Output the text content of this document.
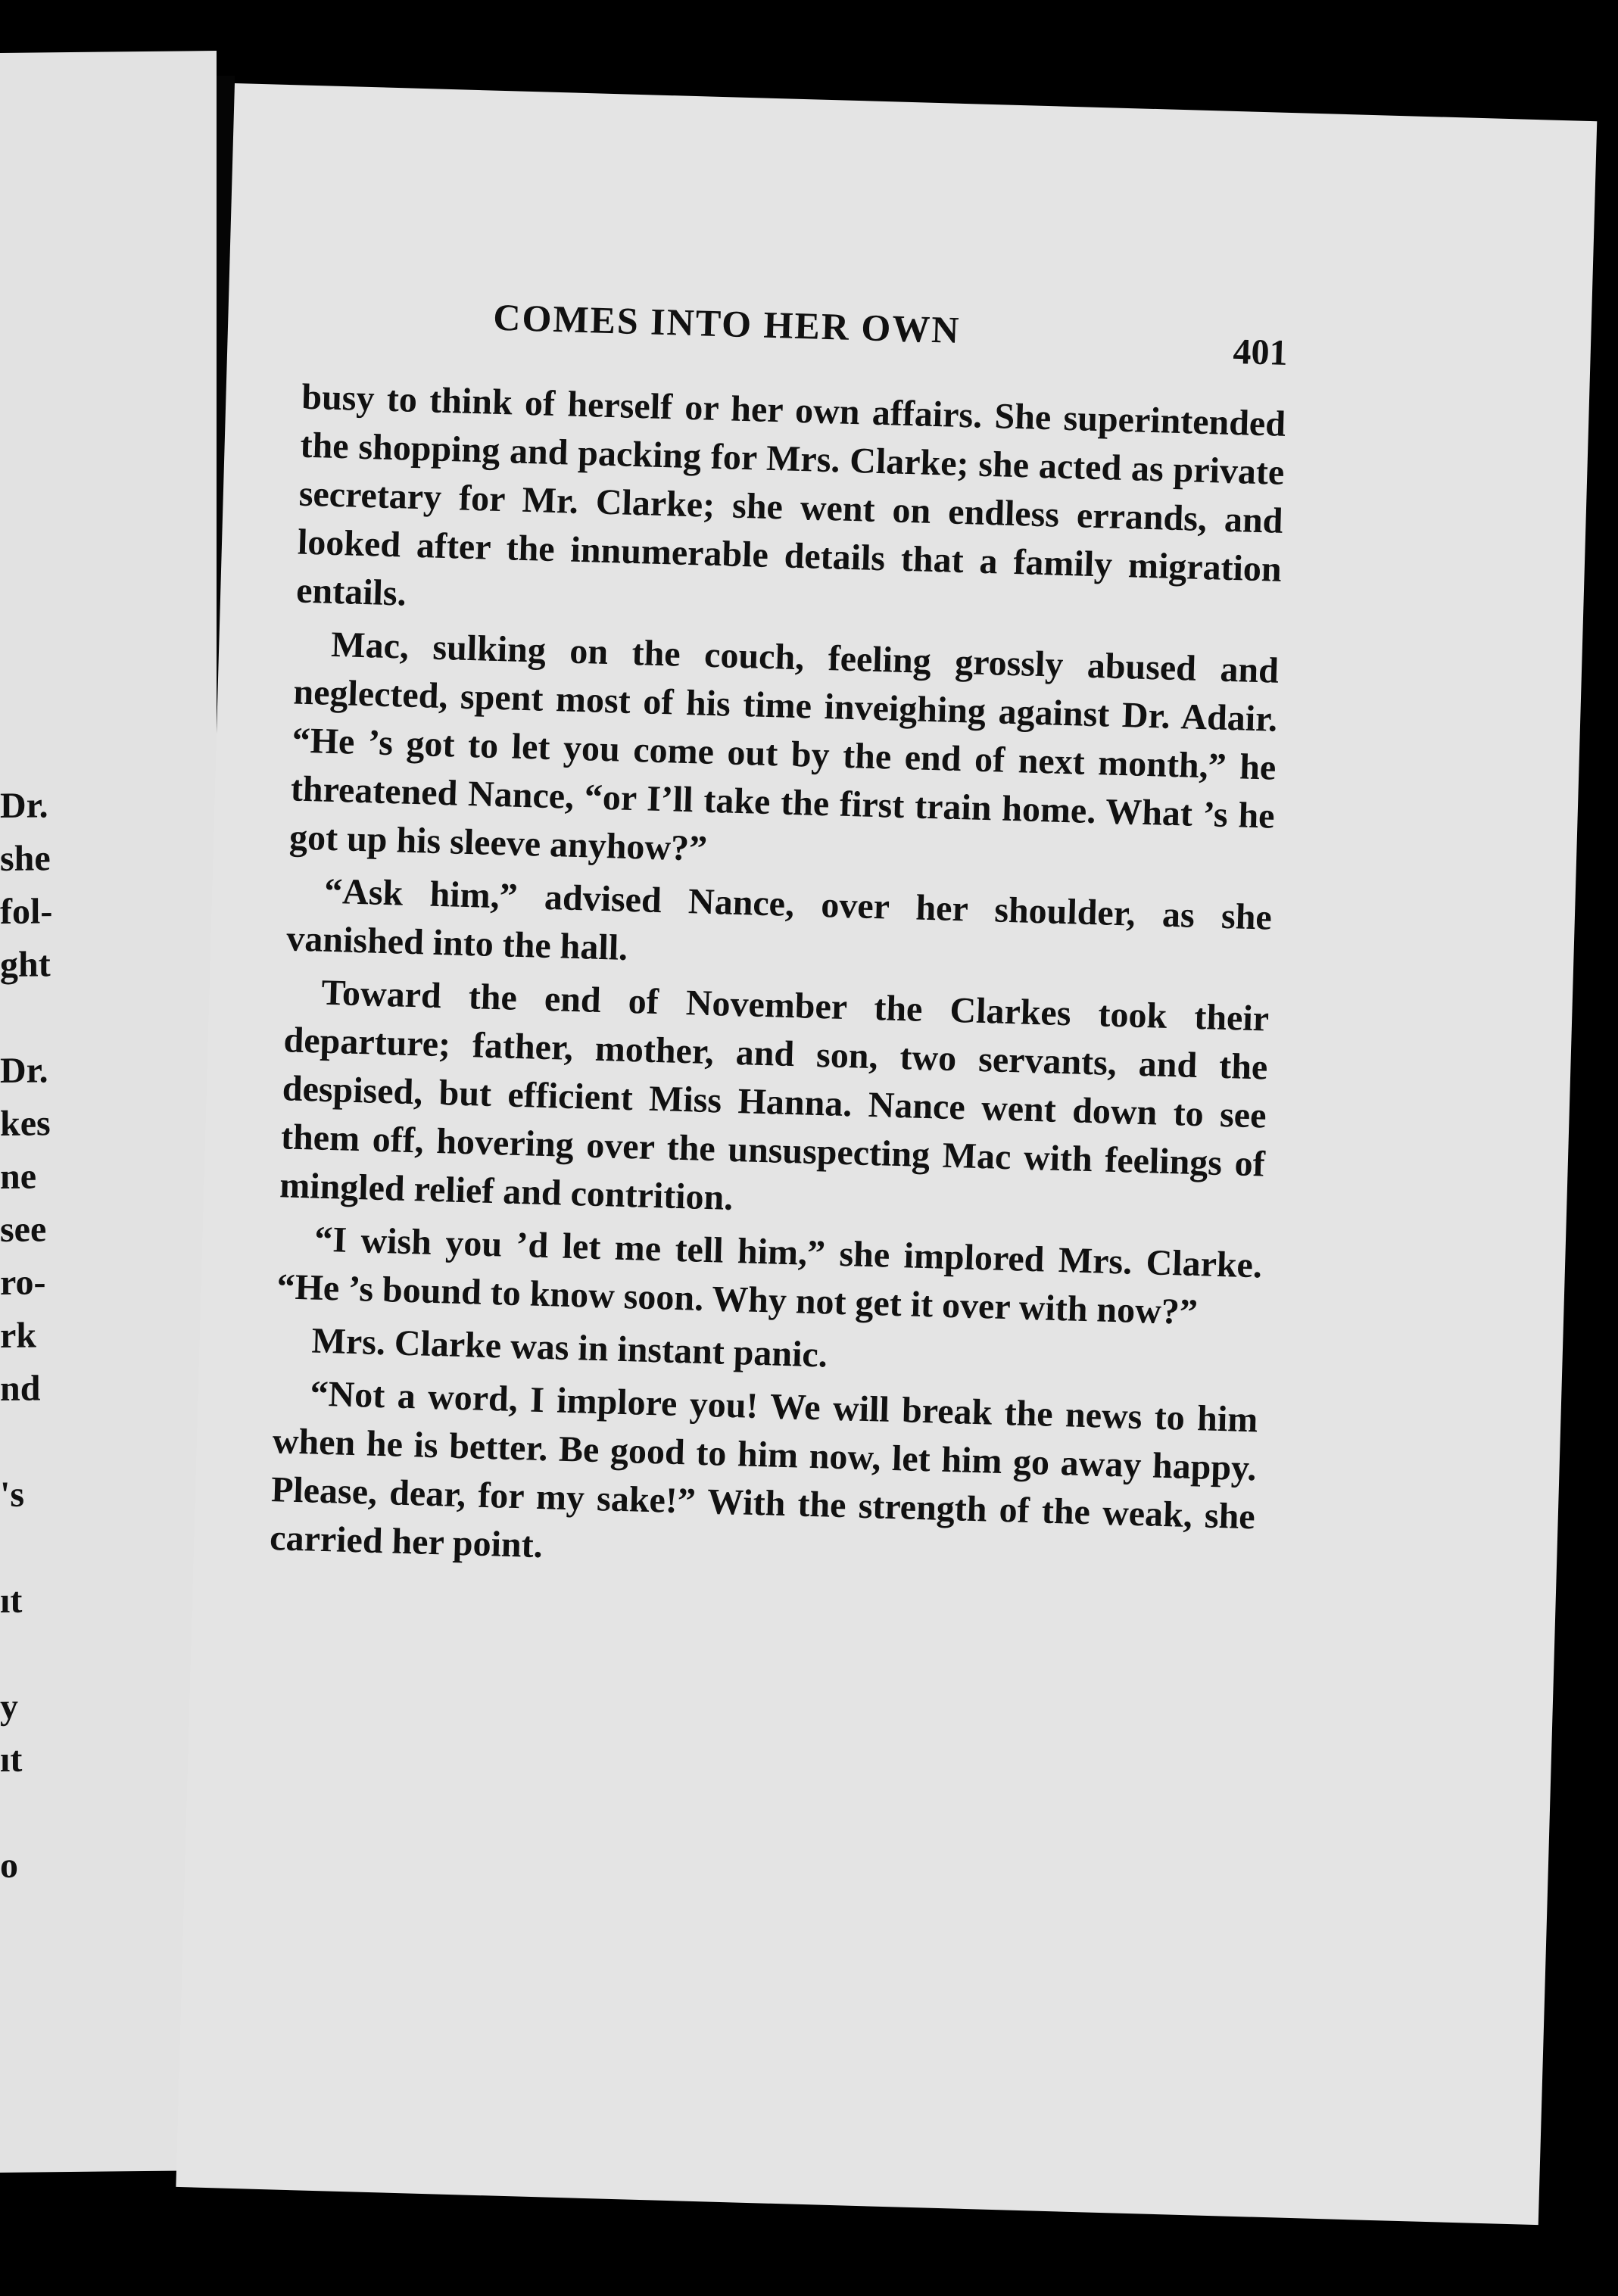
Dr.
she
fol-
ght
Dr.
kes
ne
see
ro-
rk
nd
's
ıt
y
ıt
o
COMES INTO HER OWN
401

busy to think of herself or her own affairs. She superintended the shopping and packing for Mrs. Clarke; she acted as private secretary for Mr. Clarke; she went on endless errands, and looked after the innumerable details that a family migration entails.

Mac, sulking on the couch, feeling grossly abused and neglected, spent most of his time inveighing against Dr. Adair. “He ’s got to let you come out by the end of next month,” he threatened Nance, “or I’ll take the first train home. What ’s he got up his sleeve anyhow?”

“Ask him,” advised Nance, over her shoulder, as she vanished into the hall.

Toward the end of November the Clarkes took their departure; father, mother, and son, two servants, and the despised, but efficient Miss Hanna. Nance went down to see them off, hovering over the unsuspecting Mac with feelings of mingled relief and contrition.

“I wish you ’d let me tell him,” she implored Mrs. Clarke. “He ’s bound to know soon. Why not get it over with now?”

Mrs. Clarke was in instant panic.

“Not a word, I implore you! We will break the news to him when he is better. Be good to him now, let him go away happy. Please, dear, for my sake!” With the strength of the weak, she carried her point.
